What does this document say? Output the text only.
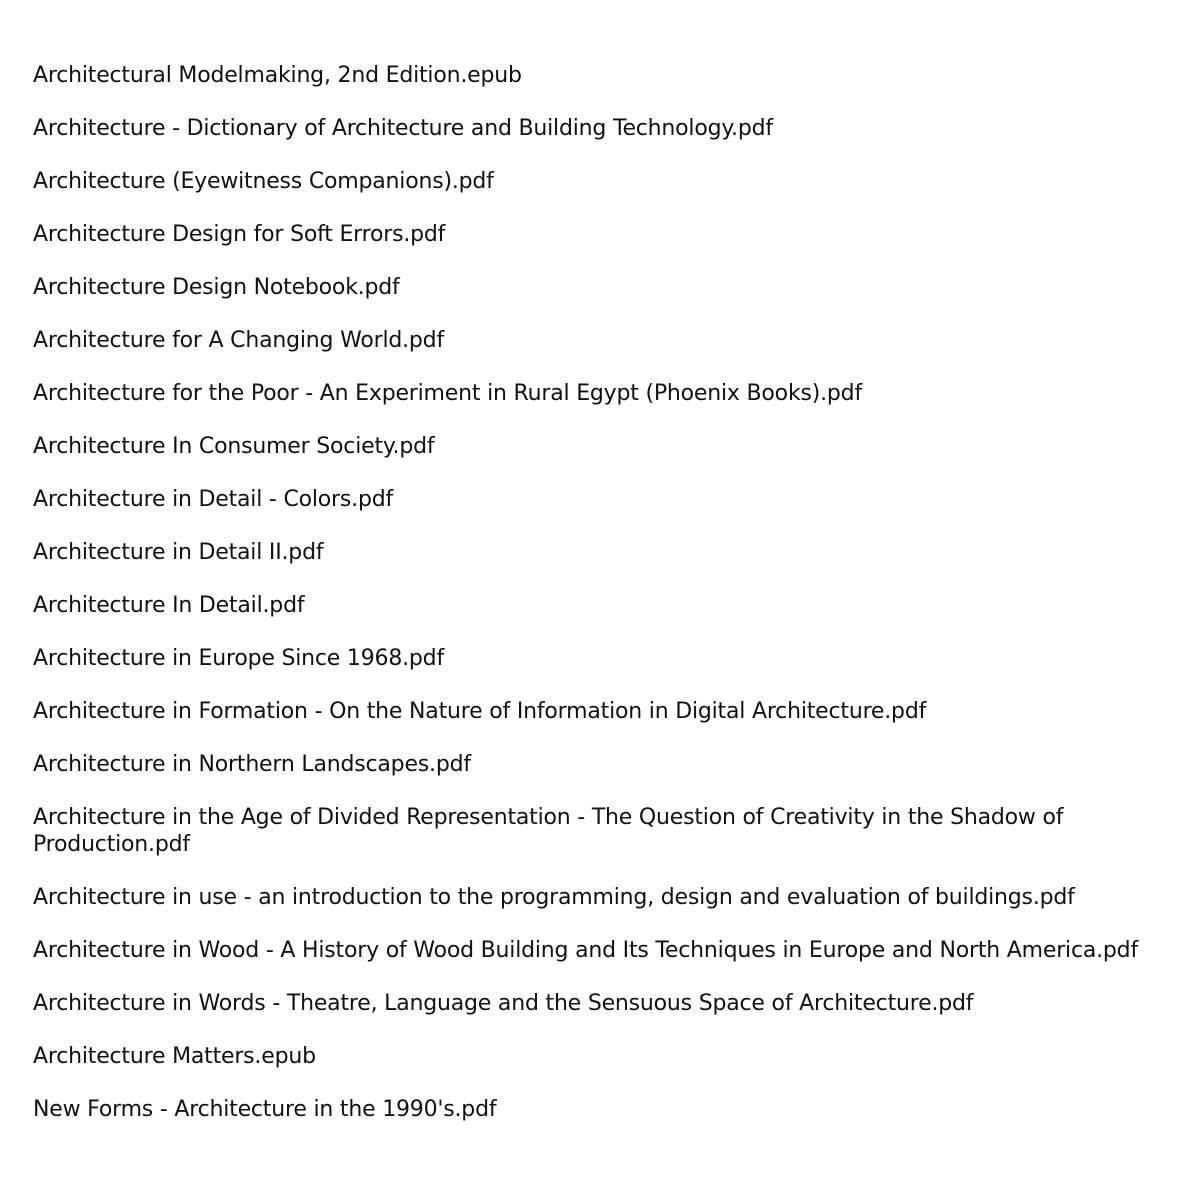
Architectural Modelmaking, 2nd Edition.epub
Architecture - Dictionary of Architecture and Building Technology.pdf
Architecture (Eyewitness Companions).pdf
Architecture Design for Soft Errors.pdf
Architecture Design Notebook.pdf
Architecture for A Changing World.pdf
Architecture for the Poor - An Experiment in Rural Egypt (Phoenix Books).pdf
Architecture In Consumer Society.pdf
Architecture in Detail - Colors.pdf
Architecture in Detail II.pdf
Architecture In Detail.pdf
Architecture in Europe Since 1968.pdf
Architecture in Formation - On the Nature of Information in Digital Architecture.pdf
Architecture in Northern Landscapes.pdf
Architecture in the Age of Divided Representation - The Question of Creativity in the Shadow of Production.pdf
Architecture in use - an introduction to the programming, design and evaluation of buildings.pdf
Architecture in Wood - A History of Wood Building and Its Techniques in Europe and North America.pdf
Architecture in Words - Theatre, Language and the Sensuous Space of Architecture.pdf
Architecture Matters.epub
New Forms - Architecture in the 1990's.pdf
